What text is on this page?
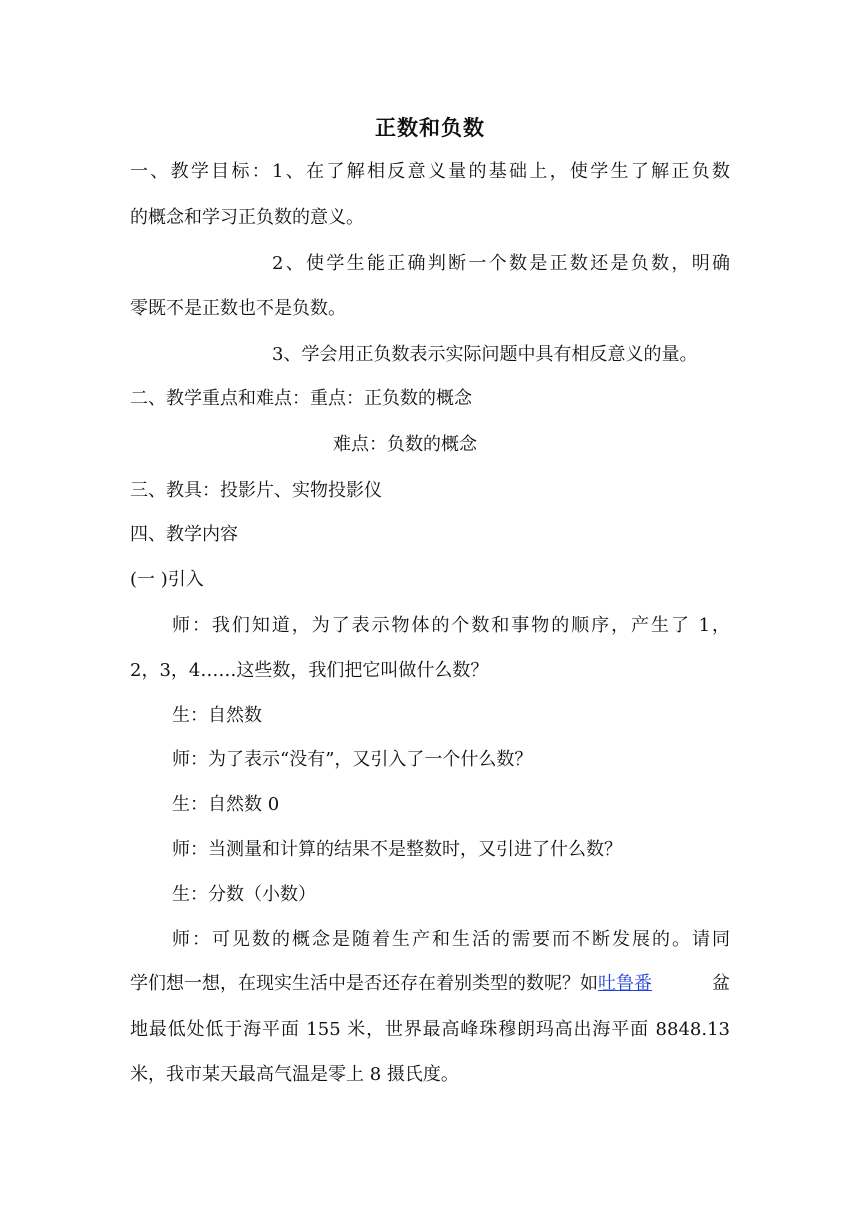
正数和负数
一、教学目标：1、在了解相反意义量的基础上，使学生了解正负数
的概念和学习正负数的意义。
2、使学生能正确判断一个数是正数还是负数，明确
零既不是正数也不是负数。
3、学会用正负数表示实际问题中具有相反意义的量。
二、教学重点和难点：重点：正负数的概念
难点：负数的概念
三、教具：投影片、实物投影仪
四、教学内容
(一 )引入
师：我们知道，为了表示物体的个数和事物的顺序，产生了 1，
2，3，4……这些数，我们把它叫做什么数？
生：自然数
师：为了表示“没有”，又引入了一个什么数？
生：自然数 0
师：当测量和计算的结果不是整数时，又引进了什么数？
生：分数（小数）
师：可见数的概念是随着生产和生活的需要而不断发展的。请同
学们想一想，在现实生活中是否还存在着别类型的数呢？如吐鲁番	盆
地最低处低于海平面 155 米，世界最高峰珠穆朗玛高出海平面 8848.13
米，我市某天最高气温是零上 8 摄氏度。
